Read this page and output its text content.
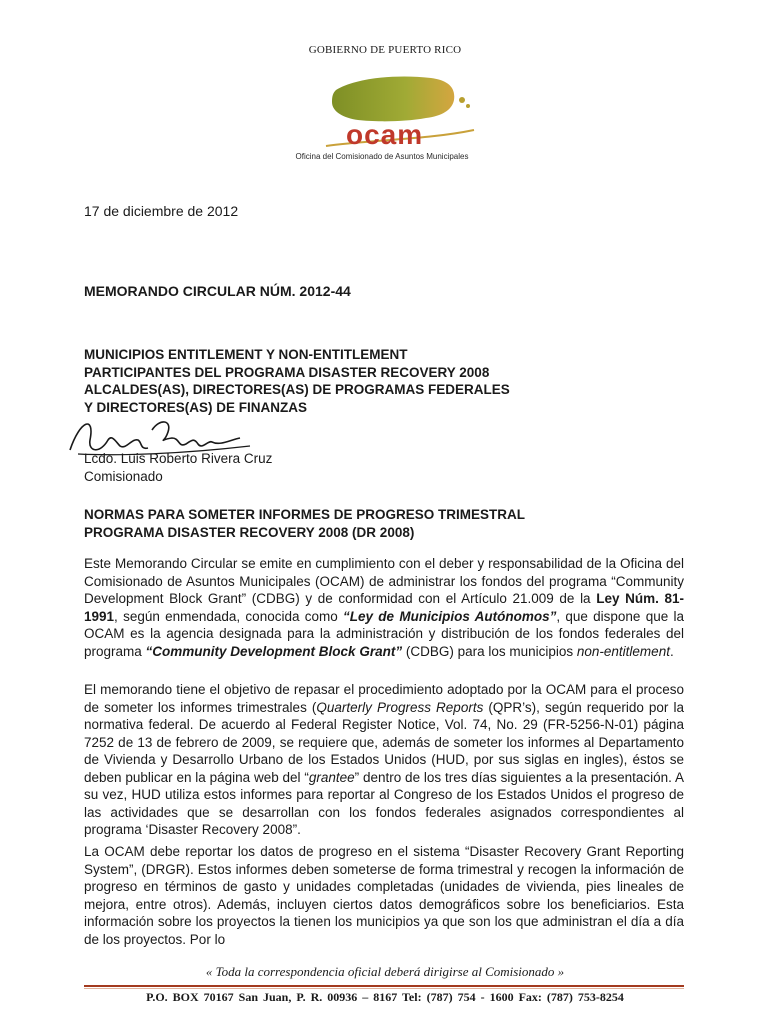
GOBIERNO DE PUERTO RICO
ocam
Oficina del Comisionado de Asuntos Municipales
17 de diciembre de 2012
MEMORANDO CIRCULAR NÚM. 2012-44
MUNICIPIOS ENTITLEMENT Y NON-ENTITLEMENT
PARTICIPANTES DEL PROGRAMA DISASTER RECOVERY 2008
ALCALDES(AS), DIRECTORES(AS) DE PROGRAMAS FEDERALES
Y DIRECTORES(AS) DE FINANZAS
Lcdo. Luis Roberto Rivera Cruz
Comisionado
NORMAS PARA SOMETER INFORMES DE PROGRESO TRIMESTRAL
PROGRAMA DISASTER RECOVERY 2008 (DR 2008)
Este Memorando Circular se emite en cumplimiento con el deber y responsabilidad de la Oficina del Comisionado de Asuntos Municipales (OCAM) de administrar los fondos del programa “Community Development Block Grant” (CDBG) y de conformidad con el Artículo 21.009 de la Ley Núm. 81-1991, según enmendada, conocida como “Ley de Municipios Autónomos”, que dispone que la OCAM es la agencia designada para la administración y distribución de los fondos federales del programa “Community Development Block Grant” (CDBG) para los municipios non-entitlement.
El memorando tiene el objetivo de repasar el procedimiento adoptado por la OCAM para el proceso de someter los informes trimestrales (Quarterly Progress Reports (QPR’s), según requerido por la normativa federal. De acuerdo al Federal Register Notice, Vol. 74, No. 29 (FR-5256-N-01) página 7252 de 13 de febrero de 2009, se requiere que, además de someter los informes al Departamento de Vivienda y Desarrollo Urbano de los Estados Unidos (HUD, por sus siglas en ingles), éstos se deben publicar en la página web del “grantee” dentro de los tres días siguientes a la presentación. A su vez, HUD utiliza estos informes para reportar al Congreso de los Estados Unidos el progreso de las actividades que se desarrollan con los fondos federales asignados correspondientes al programa ‘Disaster Recovery 2008”.
La OCAM debe reportar los datos de progreso en el sistema “Disaster Recovery Grant Reporting System”, (DRGR). Estos informes deben someterse de forma trimestral y recogen la información de progreso en términos de gasto y unidades completadas (unidades de vivienda, pies lineales de mejora, entre otros). Además, incluyen ciertos datos demográficos sobre los beneficiarios. Esta información sobre los proyectos la tienen los municipios ya que son los que administran el día a día de los proyectos. Por lo
« Toda la correspondencia oficial deberá dirigirse al Comisionado »
P.O. BOX 70167 San Juan, P. R. 00936 – 8167 Tel: (787) 754 - 1600 Fax: (787) 753-8254
